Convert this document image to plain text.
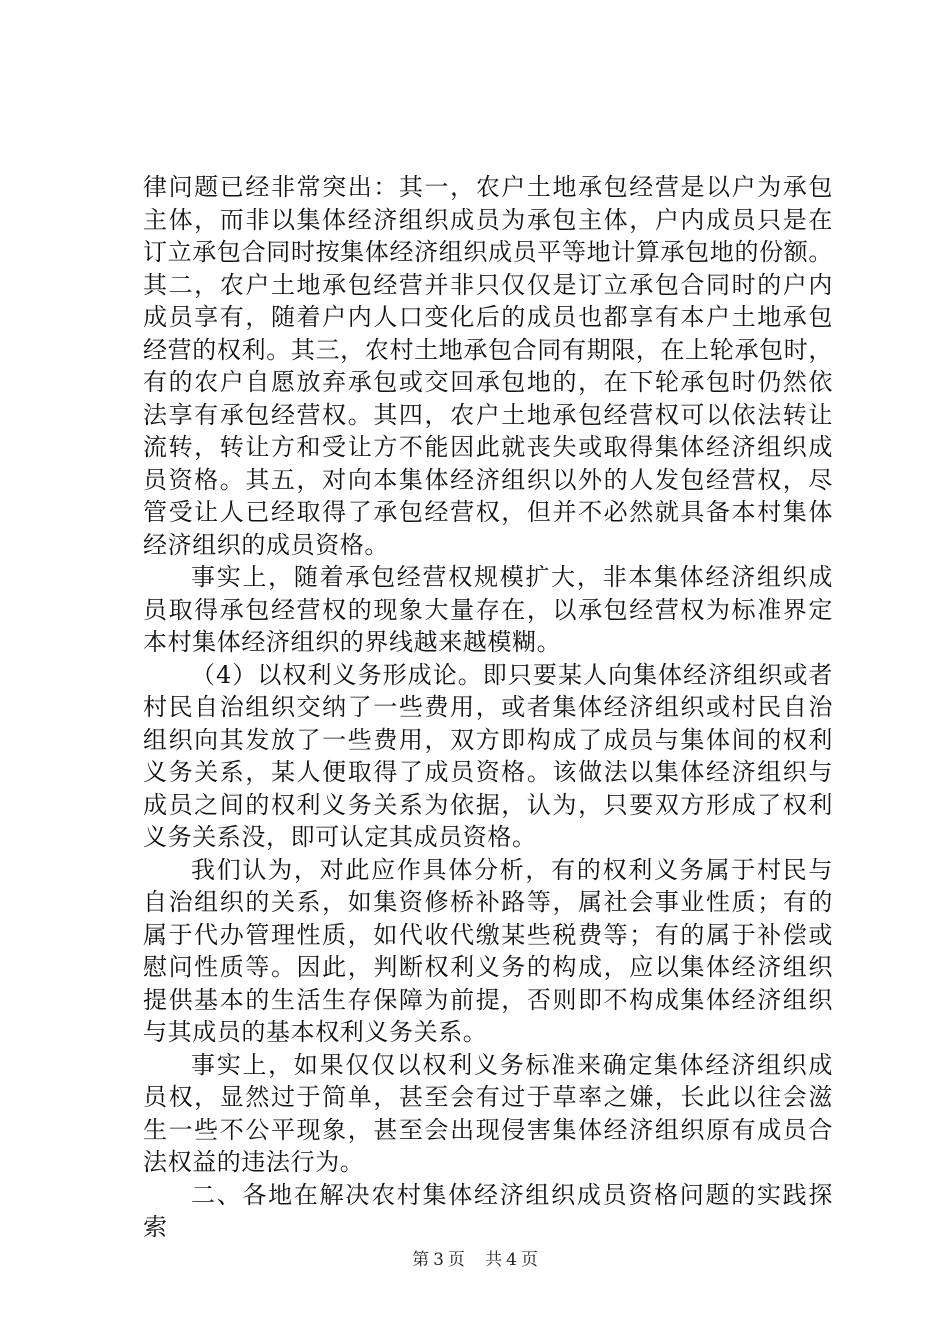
律问题已经非常突出：其一，农户土地承包经营是以户为承包
主体，而非以集体经济组织成员为承包主体，户内成员只是在
订立承包合同时按集体经济组织成员平等地计算承包地的份额。
其二，农户土地承包经营并非只仅仅是订立承包合同时的户内
成员享有，随着户内人口变化后的成员也都享有本户土地承包
经营的权利。其三，农村土地承包合同有期限，在上轮承包时，
有的农户自愿放弃承包或交回承包地的，在下轮承包时仍然依
法享有承包经营权。其四，农户土地承包经营权可以依法转让
流转，转让方和受让方不能因此就丧失或取得集体经济组织成
员资格。其五，对向本集体经济组织以外的人发包经营权，尽
管受让人已经取得了承包经营权，但并不必然就具备本村集体
经济组织的成员资格。
事实上，随着承包经营权规模扩大，非本集体经济组织成
员取得承包经营权的现象大量存在，以承包经营权为标准界定
本村集体经济组织的界线越来越模糊。
（4）以权利义务形成论。即只要某人向集体经济组织或者
村民自治组织交纳了一些费用，或者集体经济组织或村民自治
组织向其发放了一些费用，双方即构成了成员与集体间的权利
义务关系，某人便取得了成员资格。该做法以集体经济组织与
成员之间的权利义务关系为依据，认为，只要双方形成了权利
义务关系没，即可认定其成员资格。
我们认为，对此应作具体分析，有的权利义务属于村民与
自治组织的关系，如集资修桥补路等，属社会事业性质；有的
属于代办管理性质，如代收代缴某些税费等；有的属于补偿或
慰问性质等。因此，判断权利义务的构成，应以集体经济组织
提供基本的生活生存保障为前提，否则即不构成集体经济组织
与其成员的基本权利义务关系。
事实上，如果仅仅以权利义务标准来确定集体经济组织成
员权，显然过于简单，甚至会有过于草率之嫌，长此以往会滋
生一些不公平现象，甚至会出现侵害集体经济组织原有成员合
法权益的违法行为。
二、各地在解决农村集体经济组织成员资格问题的实践探
索
第 3 页 共 4 页
